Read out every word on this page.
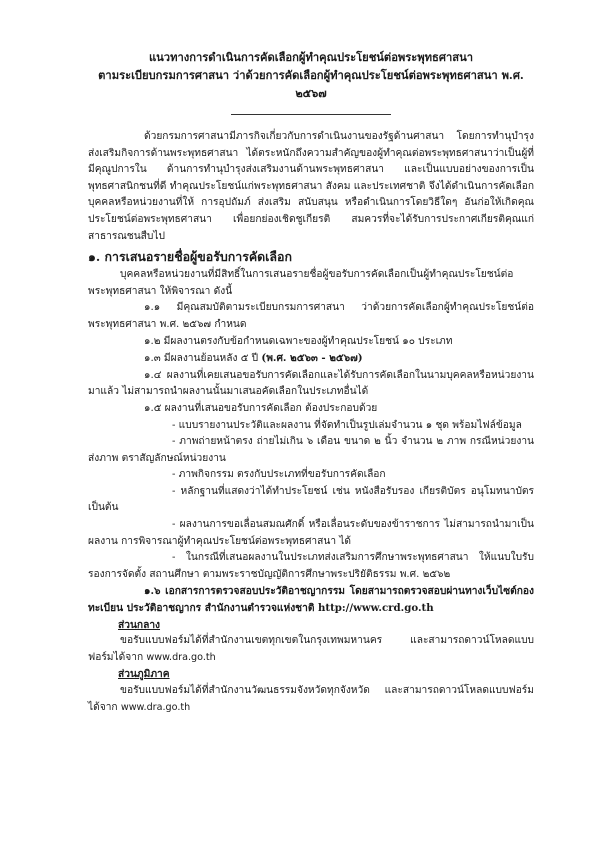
แนวทางการดำเนินการคัดเลือกผู้ทำคุณประโยชน์ต่อพระพุทธศาสนา

ตามระเบียบกรมการศาสนา ว่าด้วยการคัดเลือกผู้ทำคุณประโยชน์ต่อพระพุทธศาสนา พ.ศ. ๒๕๖๗

ด้วยกรมการศาสนามีภารกิจเกี่ยวกับการดำเนินงานของรัฐด้านศาสนา โดยการทำนุบำรุง ส่งเสริมกิจการด้านพระพุทธศาสนา ได้ตระหนักถึงความสำคัญของผู้ทำคุณต่อพระพุทธศาสนาว่าเป็นผู้ที่มีคุณูปการใน ด้านการทำนุบำรุงส่งเสริมงานด้านพระพุทธศาสนา และเป็นแบบอย่างของการเป็นพุทธศาสนิกชนที่ดี ทำคุณประโยชน์แก่พระพุทธศาสนา สังคม และประเทศชาติ จึงได้ดำเนินการคัดเลือกบุคคลหรือหน่วยงานที่ให้ การอุปถัมภ์ ส่งเสริม สนับสนุน หรือดำเนินการโดยวิธีใดๆ อันก่อให้เกิดคุณประโยชน์ต่อพระพุทธศาสนา เพื่อยกย่องเชิดชูเกียรติ สมควรที่จะได้รับการประกาศเกียรติคุณแก่สาธารณชนสืบไป

๑. การเสนอรายชื่อผู้ขอรับการคัดเลือก

บุคคลหรือหน่วยงานที่มีสิทธิ์ในการเสนอรายชื่อผู้ขอรับการคัดเลือกเป็นผู้ทำคุณประโยชน์ต่อพระพุทธศาสนา ให้พิจารณา ดังนี้

๑.๑ มีคุณสมบัติตามระเบียบกรมการศาสนา ว่าด้วยการคัดเลือกผู้ทำคุณประโยชน์ต่อพระพุทธศาสนา พ.ศ. ๒๕๖๗ กำหนด

๑.๒ มีผลงานตรงกับข้อกำหนดเฉพาะของผู้ทำคุณประโยชน์ ๑๐ ประเภท

๑.๓ มีผลงานย้อนหลัง ๕ ปี (พ.ศ. ๒๕๖๓ - ๒๕๖๗)

๑.๔ ผลงานที่เคยเสนอขอรับการคัดเลือกและได้รับการคัดเลือกในนามบุคคลหรือหน่วยงานมาแล้ว ไม่สามารถนำผลงานนั้นมาเสนอคัดเลือกในประเภทอื่นได้

๑.๕ ผลงานที่เสนอขอรับการคัดเลือก ต้องประกอบด้วย

- แบบรายงานประวัติและผลงาน ที่จัดทำเป็นรูปเล่มจำนวน ๑ ชุด พร้อมไฟล์ข้อมูล

- ภาพถ่ายหน้าตรง ถ่ายไม่เกิน ๖ เดือน ขนาด ๒ นิ้ว จำนวน ๒ ภาพ กรณีหน่วยงานส่งภาพ ตราสัญลักษณ์หน่วยงาน

- ภาพกิจกรรม ตรงกับประเภทที่ขอรับการคัดเลือก

- หลักฐานที่แสดงว่าได้ทำประโยชน์ เช่น หนังสือรับรอง เกียรติบัตร อนุโมทนาบัตร เป็นต้น

- ผลงานการขอเลื่อนสมณศักดิ์ หรือเลื่อนระดับของข้าราชการ ไม่สามารถนำมาเป็นผลงาน การพิจารณาผู้ทำคุณประโยชน์ต่อพระพุทธศาสนา ได้

- ในกรณีที่เสนอผลงานในประเภทส่งเสริมการศึกษาพระพุทธศาสนา ให้แนบใบรับรองการจัดตั้ง สถานศึกษา ตามพระราชบัญญัติการศึกษาพระปริยัติธรรม พ.ศ. ๒๕๖๒

๑.๖ เอกสารการตรวจสอบประวัติอาชญากรรม โดยสามารถตรวจสอบผ่านทางเว็บไซต์กองทะเบียน ประวัติอาชญากร สำนักงานตำรวจแห่งชาติ http://www.crd.go.th

ส่วนกลาง

ขอรับแบบฟอร์มได้ที่สำนักงานเขตทุกเขตในกรุงเทพมหานคร และสามารถดาวน์โหลดแบบฟอร์มได้จาก www.dra.go.th

ส่วนภูมิภาค

ขอรับแบบฟอร์มได้ที่สำนักงานวัฒนธรรมจังหวัดทุกจังหวัด และสามารถดาวน์โหลดแบบฟอร์มได้จาก www.dra.go.th
